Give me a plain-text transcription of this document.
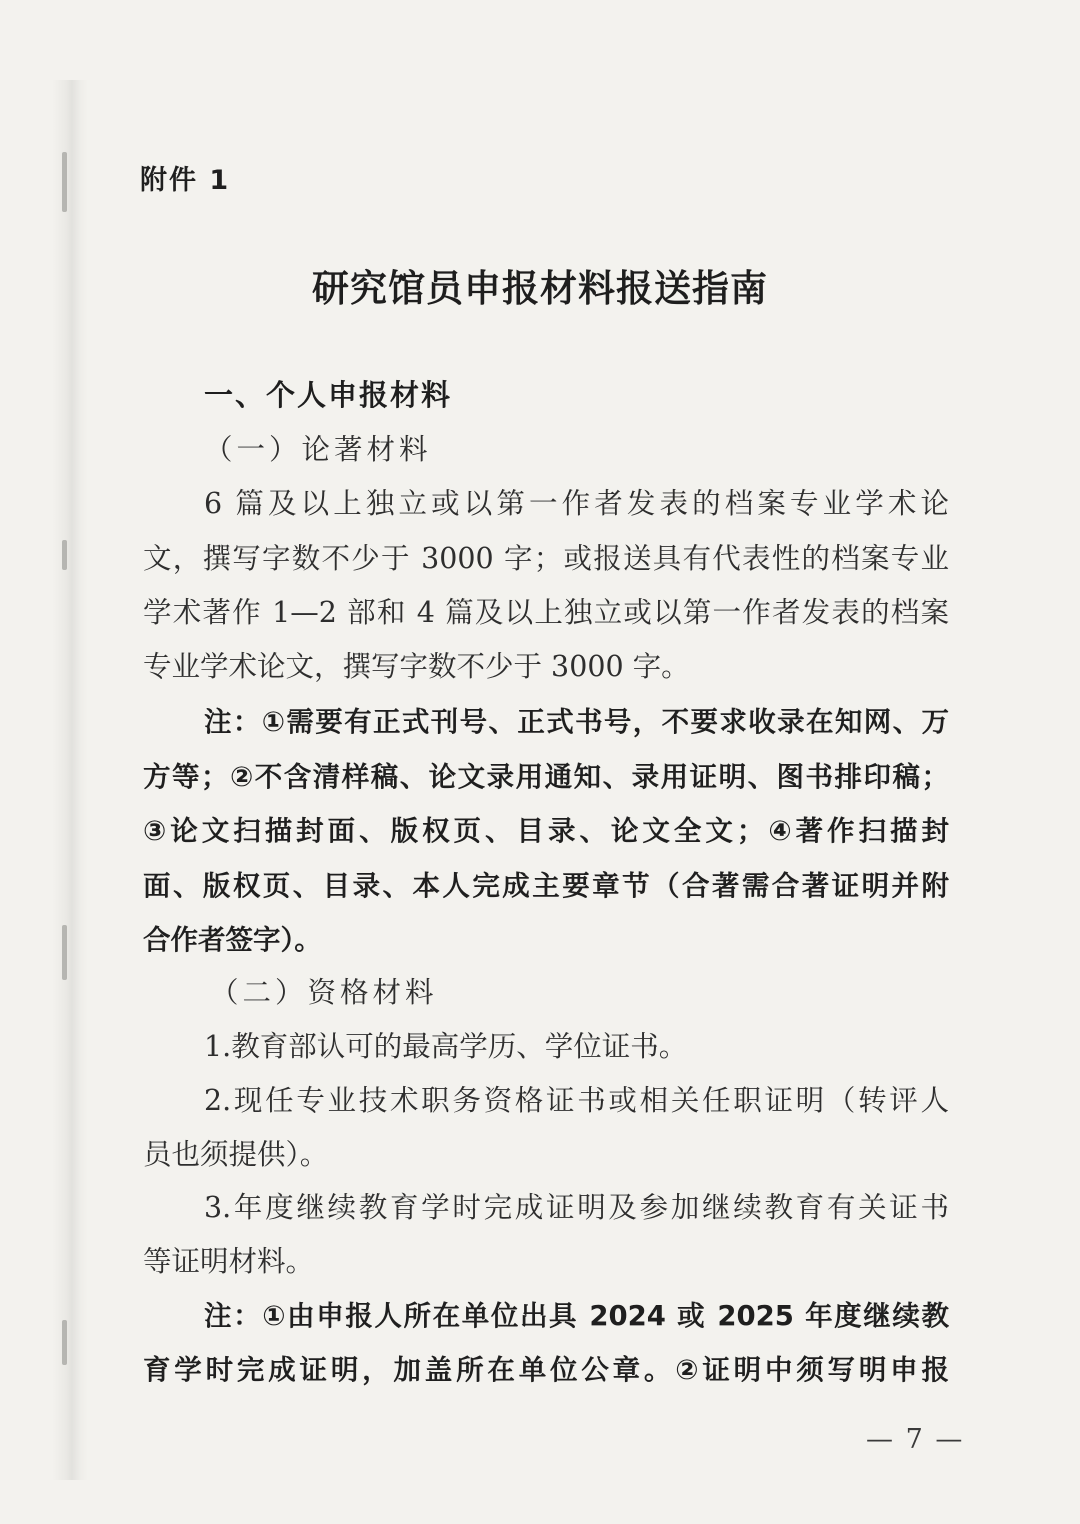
附件 1
研究馆员申报材料报送指南
一、个人申报材料
（一）论著材料
6 篇及以上独立或以第一作者发表的档案专业学术论
文，撰写字数不少于 3000 字；或报送具有代表性的档案专业
学术著作 1—2 部和 4 篇及以上独立或以第一作者发表的档案
专业学术论文，撰写字数不少于 3000 字。
注：①需要有正式刊号、正式书号，不要求收录在知网、万
方等；②不含清样稿、论文录用通知、录用证明、图书排印稿；
③论文扫描封面、版权页、目录、论文全文；④著作扫描封
面、版权页、目录、本人完成主要章节（合著需合著证明并附
合作者签字）。
（二）资格材料
1.教育部认可的最高学历、学位证书。
2.现任专业技术职务资格证书或相关任职证明（转评人
员也须提供）。
3.年度继续教育学时完成证明及参加继续教育有关证书
等证明材料。
注：①由申报人所在单位出具 2024 或 2025 年度继续教
育学时完成证明，加盖所在单位公章。②证明中须写明申报
— 7 —
